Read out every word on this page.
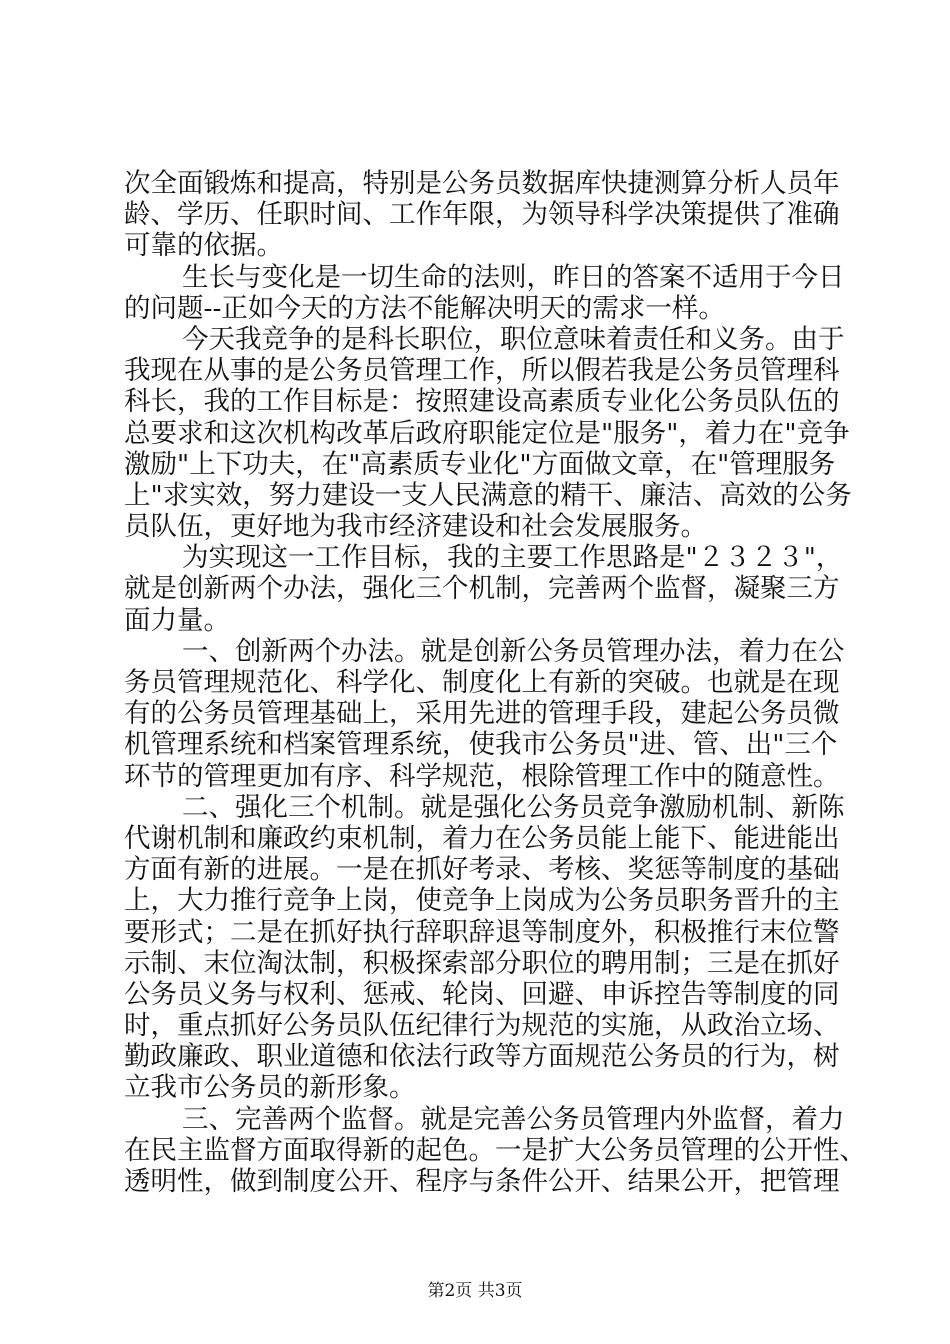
次全面锻炼和提高，特别是公务员数据库快捷测算分析人员年
龄、学历、任职时间、工作年限，为领导科学决策提供了准确
可靠的依据。
生长与变化是一切生命的法则，昨日的答案不适用于今日
的问题--正如今天的方法不能解决明天的需求一样。
今天我竞争的是科长职位，职位意味着责任和义务。由于
我现在从事的是公务员管理工作，所以假若我是公务员管理科
科长，我的工作目标是：按照建设高素质专业化公务员队伍的
总要求和这次机构改革后政府职能定位是"服务"，着力在"竞争
激励"上下功夫，在"高素质专业化"方面做文章，在"管理服务
上"求实效，努力建设一支人民满意的精干、廉洁、高效的公务
员队伍，更好地为我市经济建设和社会发展服务。
为实现这一工作目标，我的主要工作思路是"２３２３"，
就是创新两个办法，强化三个机制，完善两个监督，凝聚三方
面力量。
一、创新两个办法。就是创新公务员管理办法，着力在公
务员管理规范化、科学化、制度化上有新的突破。也就是在现
有的公务员管理基础上，采用先进的管理手段，建起公务员微
机管理系统和档案管理系统，使我市公务员"进、管、出"三个
环节的管理更加有序、科学规范，根除管理工作中的随意性。
二、强化三个机制。就是强化公务员竞争激励机制、新陈
代谢机制和廉政约束机制，着力在公务员能上能下、能进能出
方面有新的进展。一是在抓好考录、考核、奖惩等制度的基础
上，大力推行竞争上岗，使竞争上岗成为公务员职务晋升的主
要形式；二是在抓好执行辞职辞退等制度外，积极推行末位警
示制、末位淘汰制，积极探索部分职位的聘用制；三是在抓好
公务员义务与权利、惩戒、轮岗、回避、申诉控告等制度的同
时，重点抓好公务员队伍纪律行为规范的实施，从政治立场、
勤政廉政、职业道德和依法行政等方面规范公务员的行为，树
立我市公务员的新形象。
三、完善两个监督。就是完善公务员管理内外监督，着力
在民主监督方面取得新的起色。一是扩大公务员管理的公开性、
透明性，做到制度公开、程序与条件公开、结果公开，把管理
第2页 共3页
